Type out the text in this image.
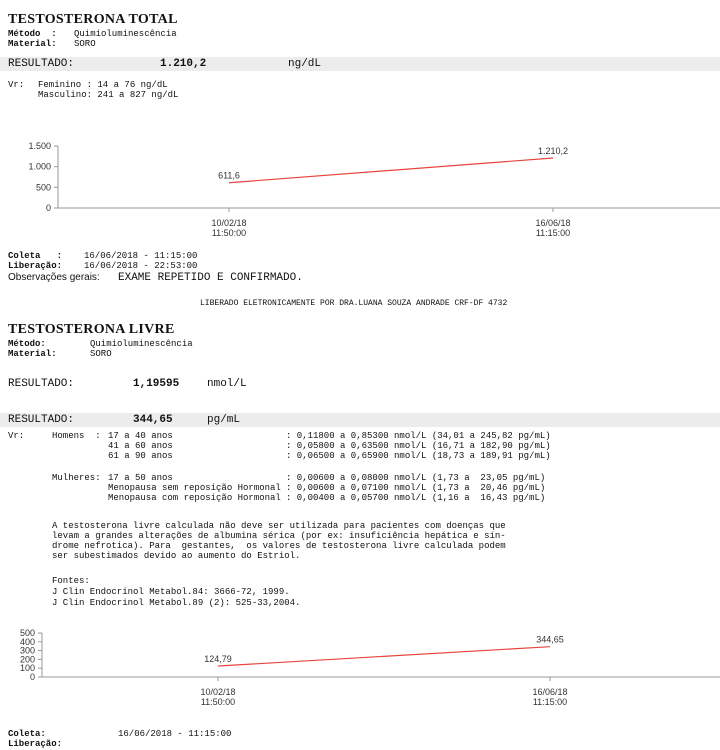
TESTOSTERONA TOTAL
Método  : Quimioluminescência
Material: SORO
RESULTADO:	1.210,2	ng/dL
Vr: Feminino : 14 a 76 ng/dL
Masculino: 241 a 827 ng/dL
1.500
1.000
500
0
611,6
10/02/18
11:50:00
1.210,2
16/06/18
11:15:00
Coleta   : 16/06/2018 - 11:15:00
Liberação: 16/06/2018 - 22:53:00
Observações gerais: EXAME REPETIDO E CONFIRMADO.
LIBERADO ELETRONICAMENTE POR DRA.LUANA SOUZA ANDRADE CRF-DF 4732
TESTOSTERONA LIVRE
Método:	Quimioluminescência
Material:	SORO
RESULTADO:	1,19595	nmol/L
RESULTADO:	344,65	pg/mL
Vr:	Homens  : 17 a 40 anos	: 0,11800 a 0,85300 nmol/L (34,01 a 245,82 pg/mL)
41 a 60 anos	: 0,05800 a 0,63500 nmol/L (16,71 a 182,90 pg/mL)
61 a 90 anos	: 0,06500 a 0,65900 nmol/L (18,73 a 189,91 pg/mL)
Mulheres: 17 a 50 anos	: 0,00600 a 0,08000 nmol/L (1,73 a  23,05 pg/mL)
Menopausa sem reposição Hormonal : 0,00600 a 0,07100 nmol/L (1,73 a  20,46 pg/mL)
Menopausa com reposição Hormonal : 0,00400 a 0,05700 nmol/L (1,16 a  16,43 pg/mL)
A testosterona livre calculada não deve ser utilizada para pacientes com doenças que
levam a grandes alterações de albumina sérica (por ex: insuficiência hepática e sín-
drome nefrotica). Para  gestantes,  os valores de testosterona livre calculada podem
ser subestimados devido ao aumento do Estriol.
Fontes:
J Clin Endocrinol Metabol.84: 3666-72, 1999.
J Clin Endocrinol Metabol.89 (2): 525-33,2004.
500
400
300
200
100
0
124,79
10/02/18
11:50:00
344,65
16/06/18
11:15:00
Coleta:	16/06/2018 - 11:15:00
Liberação:
